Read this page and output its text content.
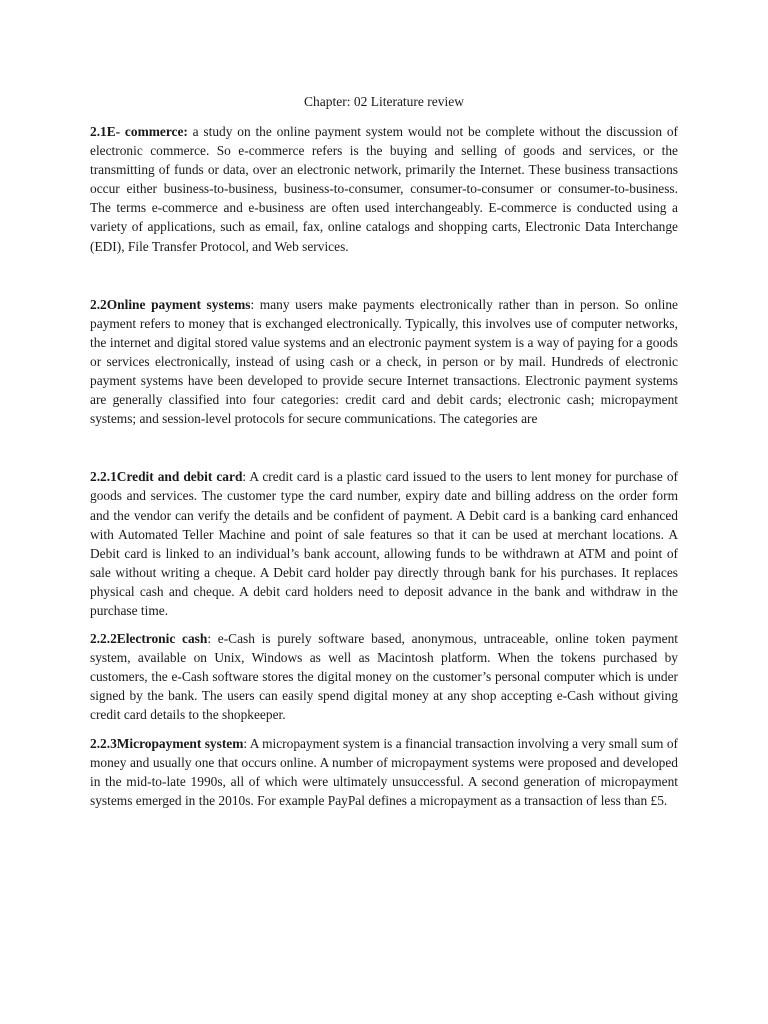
Chapter: 02 Literature review

2.1E- commerce: a study on the online payment system would not be complete without the discussion of electronic commerce. So e-commerce refers is the buying and selling of goods and services, or the transmitting of funds or data, over an electronic network, primarily the Internet. These business transactions occur either business-to-business, business-to-consumer, consumer-to-consumer or consumer-to-business. The terms e-commerce and e-business are often used interchangeably. E-commerce is conducted using a variety of applications, such as email, fax, online catalogs and shopping carts, Electronic Data Interchange (EDI), File Transfer Protocol, and Web services.

2.2Online payment systems: many users make payments electronically rather than in person. So online payment refers to money that is exchanged electronically. Typically, this involves use of computer networks, the internet and digital stored value systems and an electronic payment system is a way of paying for a goods or services electronically, instead of using cash or a check, in person or by mail. Hundreds of electronic payment systems have been developed to provide secure Internet transactions. Electronic payment systems are generally classified into four categories: credit card and debit cards; electronic cash; micropayment systems; and session-level protocols for secure communications. The categories are

2.2.1Credit and debit card: A credit card is a plastic card issued to the users to lent money for purchase of goods and services. The customer type the card number, expiry date and billing address on the order form and the vendor can verify the details and be confident of payment. A Debit card is a banking card enhanced with Automated Teller Machine and point of sale features so that it can be used at merchant locations. A Debit card is linked to an individual’s bank account, allowing funds to be withdrawn at ATM and point of sale without writing a cheque. A Debit card holder pay directly through bank for his purchases. It replaces physical cash and cheque. A debit card holders need to deposit advance in the bank and withdraw in the purchase time.

2.2.2Electronic cash: e-Cash is purely software based, anonymous, untraceable, online token payment system, available on Unix, Windows as well as Macintosh platform. When the tokens purchased by customers, the e-Cash software stores the digital money on the customer’s personal computer which is under signed by the bank. The users can easily spend digital money at any shop accepting e-Cash without giving credit card details to the shopkeeper.

2.2.3Micropayment system: A micropayment system is a financial transaction involving a very small sum of money and usually one that occurs online. A number of micropayment systems were proposed and developed in the mid-to-late 1990s, all of which were ultimately unsuccessful. A second generation of micropayment systems emerged in the 2010s. For example PayPal defines a micropayment as a transaction of less than £5.
